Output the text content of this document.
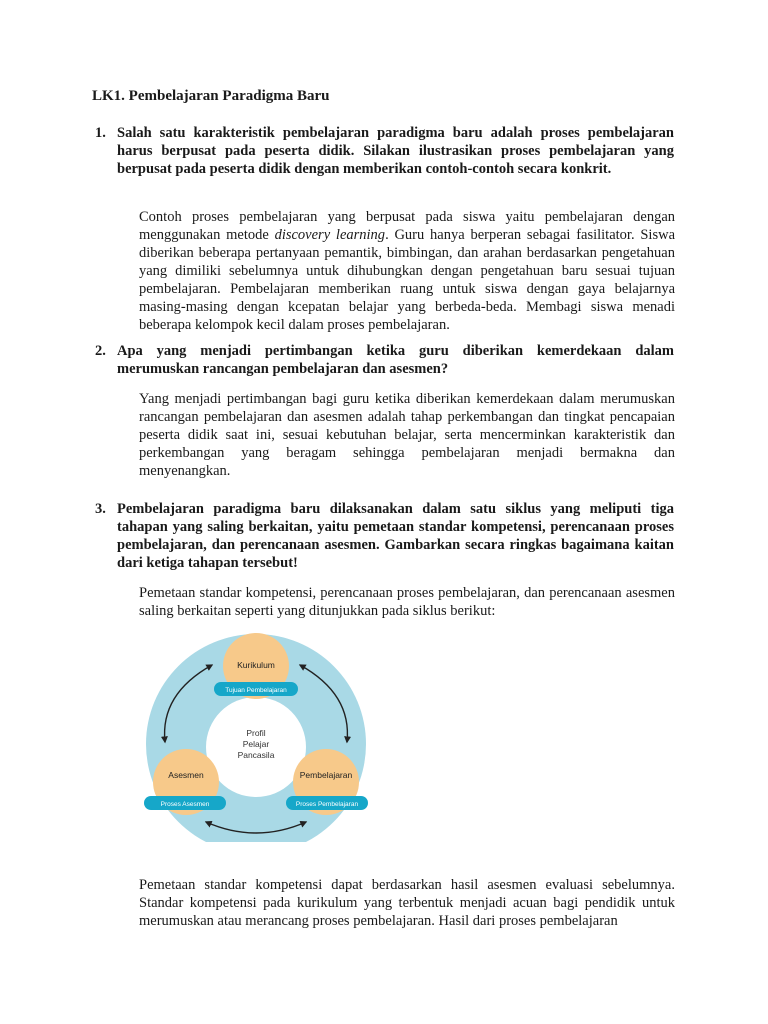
LK1. Pembelajaran Paradigma Baru

1. Salah satu karakteristik pembelajaran paradigma baru adalah proses pembelajaran harus berpusat pada peserta didik. Silakan ilustrasikan proses pembelajaran yang berpusat pada peserta didik dengan memberikan contoh-contoh secara konkrit.

Contoh proses pembelajaran yang berpusat pada siswa yaitu pembelajaran dengan menggunakan metode discovery learning. Guru hanya berperan sebagai fasilitator. Siswa diberikan beberapa pertanyaan pemantik, bimbingan, dan arahan berdasarkan pengetahuan yang dimiliki sebelumnya untuk dihubungkan dengan pengetahuan baru sesuai tujuan pembelajaran. Pembelajaran memberikan ruang untuk siswa dengan gaya belajarnya masing-masing dengan kcepatan belajar yang berbeda-beda. Membagi siswa menadi beberapa kelompok kecil dalam proses pembelajaran.

2. Apa yang menjadi pertimbangan ketika guru diberikan kemerdekaan dalam merumuskan rancangan pembelajaran dan asesmen?

Yang menjadi pertimbangan bagi guru ketika diberikan kemerdekaan dalam merumuskan rancangan pembelajaran dan asesmen adalah tahap perkembangan dan tingkat pencapaian peserta didik saat ini, sesuai kebutuhan belajar, serta mencerminkan karakteristik dan perkembangan yang beragam sehingga pembelajaran menjadi bermakna dan menyenangkan.

3. Pembelajaran paradigma baru dilaksanakan dalam satu siklus yang meliputi tiga tahapan yang saling berkaitan, yaitu pemetaan standar kompetensi, perencanaan proses pembelajaran, dan perencanaan asesmen. Gambarkan secara ringkas bagaimana kaitan dari ketiga tahapan tersebut!

Pemetaan standar kompetensi, perencanaan proses pembelajaran, dan perencanaan asesmen saling berkaitan seperti yang ditunjukkan pada siklus berikut:

Kurikulum
Tujuan Pembelajaran
Asesmen
Proses Asesmen
Pembelajaran
Proses Pembelajaran
Profil
Pelajar
Pancasila

Pemetaan standar kompetensi dapat berdasarkan hasil asesmen evaluasi sebelumnya. Standar kompetensi pada kurikulum yang terbentuk menjadi acuan bagi pendidik untuk merumuskan atau merancang proses pembelajaran. Hasil dari proses pembelajaran
